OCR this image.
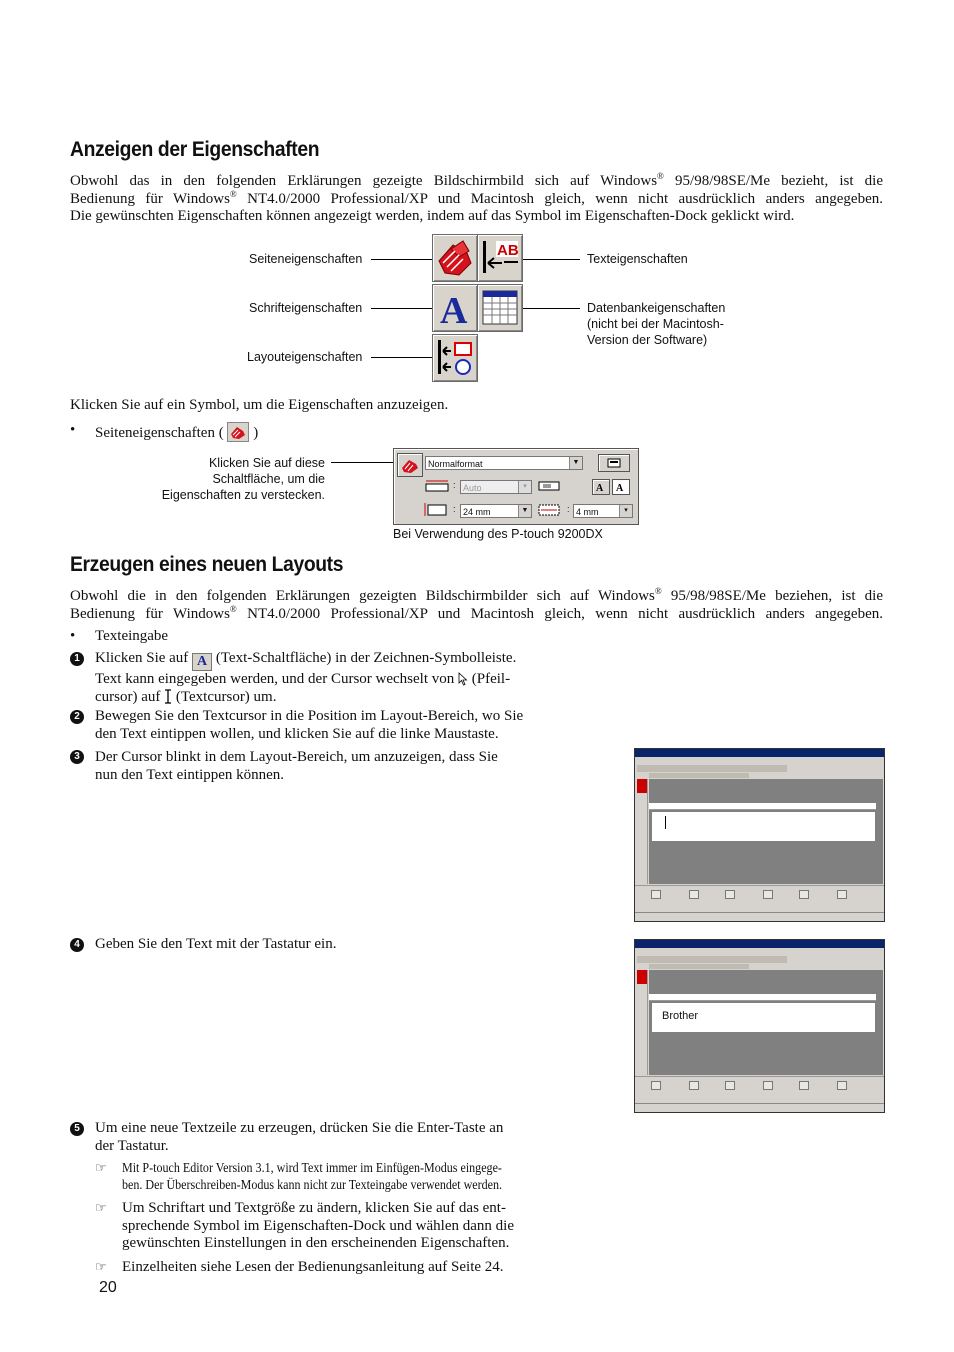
Anzeigen der Eigenschaften
Obwohl das in den folgenden Erklärungen gezeigte Bildschirmbild sich auf Windows® 95/98/98SE/Me bezieht, ist die
Bedienung für Windows® NT4.0/2000 Professional/XP und Macintosh gleich, wenn nicht ausdrücklich anders angegeben.
Die gewünschten Eigenschaften können angezeigt werden, indem auf das Symbol im Eigenschaften-Dock geklickt wird.
Seiteneigenschaften
Schrifteigenschaften
Layouteigenschaften
Texteigenschaften
Datenbankeigenschaften
(nicht bei der Macintosh-
Version der Software)
AB
A
Klicken Sie auf ein Symbol, um die Eigenschaften anzuzeigen.
• Seiteneigenschaften ( )
Klicken Sie auf diese
Schaltfläche, um die
Eigenschaften zu verstecken.
Normalformat	▼
: Auto	▾	A A
: 24 mm	▼	: 4 mm	▾
Bei Verwendung des P-touch 9200DX
Erzeugen eines neuen Layouts
Obwohl die in den folgenden Erklärungen gezeigten Bildschirmbilder sich auf Windows® 95/98/98SE/Me beziehen, ist die
Bedienung für Windows® NT4.0/2000 Professional/XP und Macintosh gleich, wenn nicht ausdrücklich anders angegeben.
• Texteingabe
1 Klicken Sie auf A (Text-Schaltfläche) in der Zeichnen-Symbolleiste.
Text kann eingegeben werden, und der Cursor wechselt von (Pfeil-
cursor) auf (Textcursor) um.
2 Bewegen Sie den Textcursor in die Position im Layout-Bereich, wo Sie
den Text eintippen wollen, und klicken Sie auf die linke Maustaste.
3 Der Cursor blinkt in dem Layout-Bereich, um anzuzeigen, dass Sie
nun den Text eintippen können.
4 Geben Sie den Text mit der Tastatur ein.
Brother
5 Um eine neue Textzeile zu erzeugen, drücken Sie die Enter-Taste an
der Tastatur.
☞ Mit P-touch Editor Version 3.1, wird Text immer im Einfügen-Modus eingege-
ben. Der Überschreiben-Modus kann nicht zur Texteingabe verwendet werden.
☞ Um Schriftart und Textgröße zu ändern, klicken Sie auf das ent-
sprechende Symbol im Eigenschaften-Dock und wählen dann die
gewünschten Einstellungen in den erscheinenden Eigenschaften.
☞ Einzelheiten siehe Lesen der Bedienungsanleitung auf Seite 24.
20
